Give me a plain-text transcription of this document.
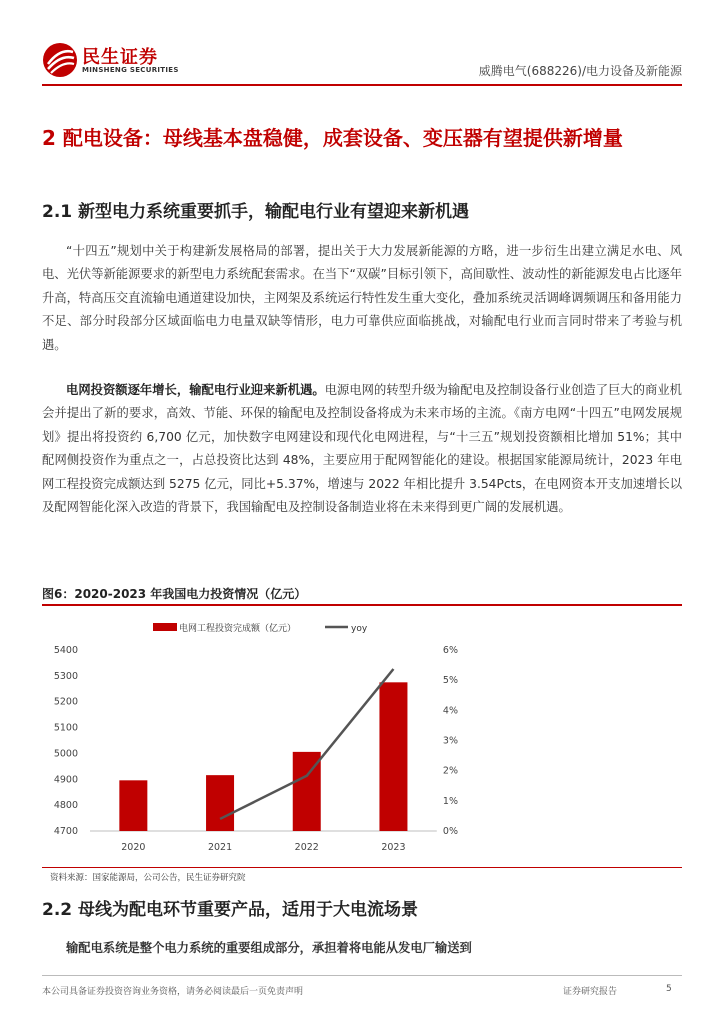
民生证券
MINSHENG SECURITIES	威腾电气(688226)/电力设备及新能源
2 配电设备：母线基本盘稳健，成套设备、变压器有望提供新增量
2.1 新型电力系统重要抓手，输配电行业有望迎来新机遇
“十四五”规划中关于构建新发展格局的部署，提出关于大力发展新能源的方略，进一步衍生出建立满足水电、风电、光伏等新能源要求的新型电力系统配套需求。在当下“双碳”目标引领下，高间歇性、波动性的新能源发电占比逐年升高，特高压交直流输电通道建设加快，主网架及系统运行特性发生重大变化，叠加系统灵活调峰调频调压和备用能力不足、部分时段部分区域面临电力电量双缺等情形，电力可靠供应面临挑战，对输配电行业而言同时带来了考验与机遇。
电网投资额逐年增长，输配电行业迎来新机遇。电源电网的转型升级为输配电及控制设备行业创造了巨大的商业机会并提出了新的要求，高效、节能、环保的输配电及控制设备将成为未来市场的主流。《南方电网“十四五”电网发展规划》提出将投资约 6,700 亿元，加快数字电网建设和现代化电网进程，与“十三五”规划投资额相比增加 51%；其中配网侧投资作为重点之一，占总投资比达到 48%，主要应用于配网智能化的建设。根据国家能源局统计，2023 年电网工程投资完成额达到 5275 亿元，同比+5.37%，增速与 2022 年相比提升 3.54Pcts，在电网资本开支加速增长以及配网智能化深入改造的背景下，我国输配电及控制设备制造业将在未来得到更广阔的发展机遇。
图6：2020-2023 年我国电力投资情况（亿元）
电网工程投资完成额（亿元）	yoy
4700
4800
4900
5000
5100
5200
5300
5400
0%
1%
2%
3%
4%
5%
6%
2020	2021	2022	2023
资料来源：国家能源局，公司公告，民生证券研究院
2.2 母线为配电环节重要产品，适用于大电流场景
输配电系统是整个电力系统的重要组成部分，承担着将电能从发电厂输送到
本公司具备证券投资咨询业务资格，请务必阅读最后一页免责声明	证券研究报告	5
